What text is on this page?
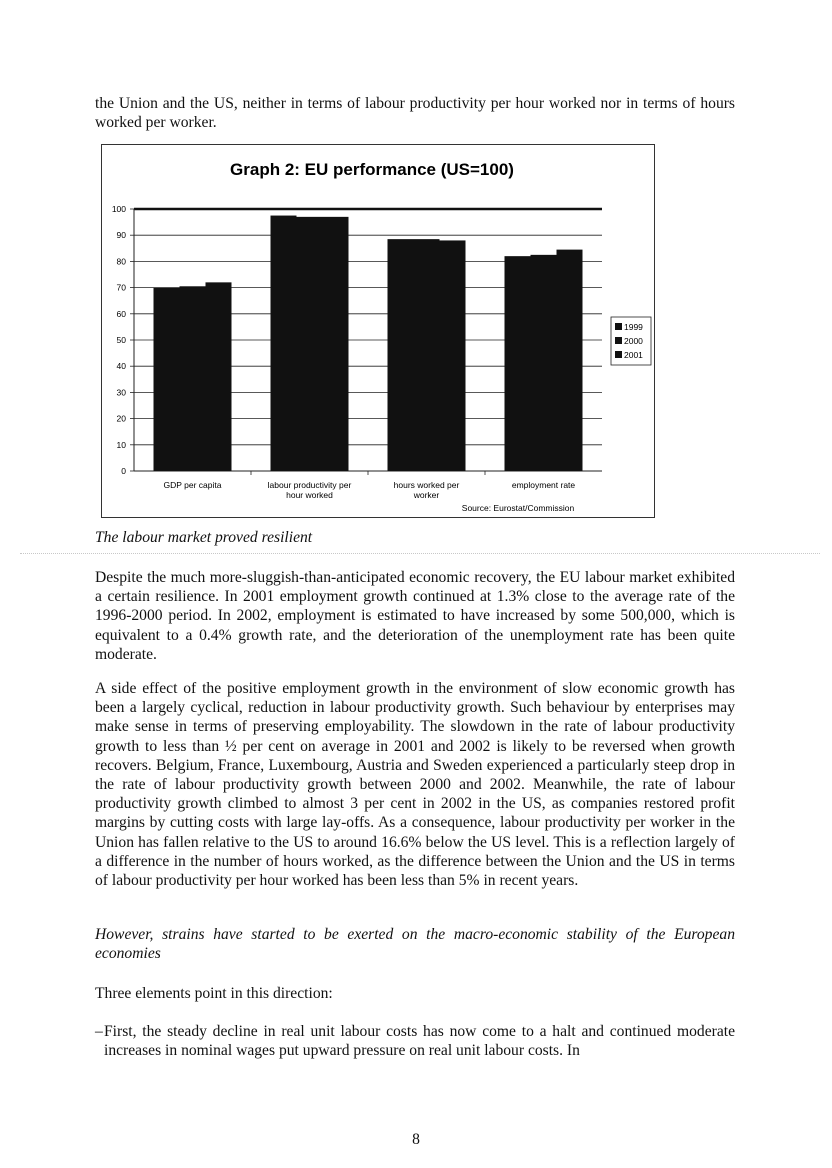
the Union and the US, neither in terms of labour productivity per hour worked nor in terms of hours worked per worker.
Graph 2: EU performance (US=100)
Source: Eurostat/Commission
0
10
20
30
40
50
60
70
80
90
100
GDP per capita	labour productivity per
hour worked
hours worked per
worker
employment rate
1999
2000
2001
The labour market proved resilient
Despite the much more-sluggish-than-anticipated economic recovery, the EU labour market exhibited a certain resilience. In 2001 employment growth continued at 1.3% close to the average rate of the 1996-2000 period. In 2002, employment is estimated to have increased by some 500,000, which is equivalent to a 0.4% growth rate, and the deterioration of the unemployment rate has been quite moderate.
A side effect of the positive employment growth in the environment of slow economic growth has been a largely cyclical, reduction in labour productivity growth. Such behaviour by enterprises may make sense in terms of preserving employability. The slowdown in the rate of labour productivity growth to less than ½ per cent on average in 2001 and 2002 is likely to be reversed when growth recovers. Belgium, France, Luxembourg, Austria and Sweden experienced a particularly steep drop in the rate of labour productivity growth between 2000 and 2002. Meanwhile, the rate of labour productivity growth climbed to almost 3 per cent in 2002 in the US, as companies restored profit margins by cutting costs with large lay-offs. As a consequence, labour productivity per worker in the Union has fallen relative to the US to around 16.6% below the US level. This is a reflection largely of a difference in the number of hours worked, as the difference between the Union and the US in terms of labour productivity per hour worked has been less than 5% in recent years.
However, strains have started to be exerted on the macro-economic stability of the European economies
Three elements point in this direction:
– First, the steady decline in real unit labour costs has now come to a halt and continued moderate increases in nominal wages put upward pressure on real unit labour costs. In
8
